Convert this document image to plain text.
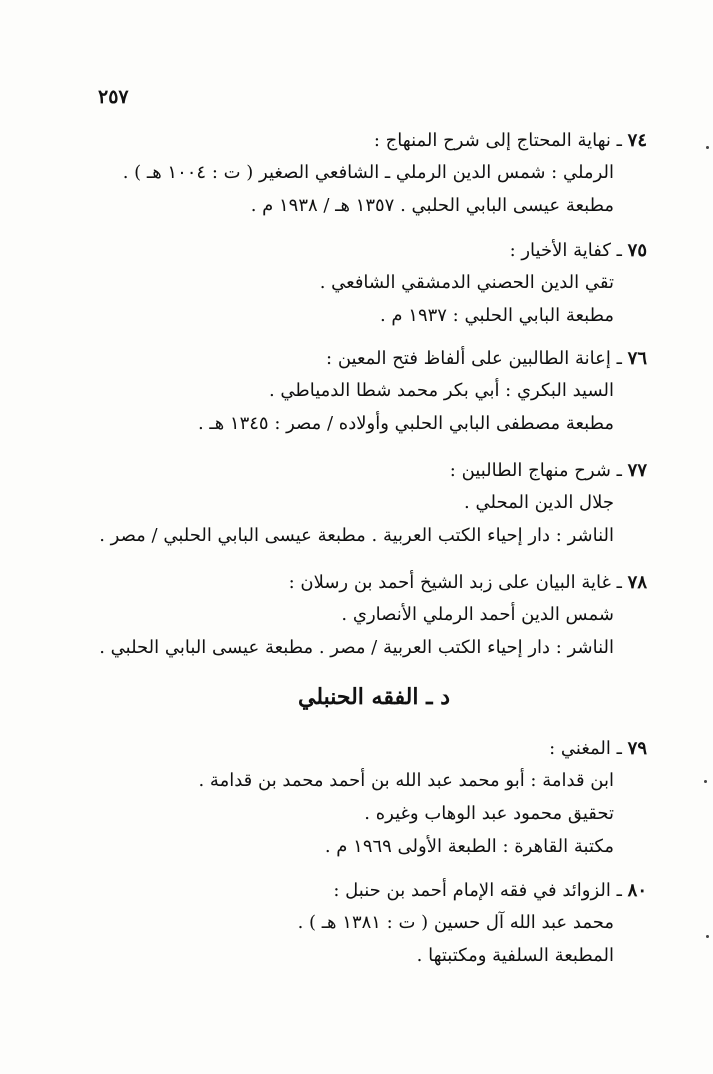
٢٥٧
٧٤ ـ نهاية المحتاج إلى شرح المنهاج :
الرملي : شمس الدين الرملي ـ الشافعي الصغير ( ت : ١٠٠٤ هـ ) .
مطبعة عيسى البابي الحلبي . ١٣٥٧ هـ / ١٩٣٨ م .
٧٥ ـ كفاية الأخيار :
تقي الدين الحصني الدمشقي الشافعي .
مطبعة البابي الحلبي : ١٩٣٧ م .
٧٦ ـ إعانة الطالبين على ألفاظ فتح المعين :
السيد البكري : أبي بكر محمد شطا الدمياطي .
مطبعة مصطفى البابي الحلبي وأولاده / مصر : ١٣٤٥ هـ .
٧٧ ـ شرح منهاج الطالبين :
جلال الدين المحلي .
الناشر : دار إحياء الكتب العربية . مطبعة عيسى البابي الحلبي / مصر .
٧٨ ـ غاية البيان على زبد الشيخ أحمد بن رسلان :
شمس الدين أحمد الرملي الأنصاري .
الناشر : دار إحياء الكتب العربية / مصر . مطبعة عيسى البابي الحلبي .
د ـ الفقه الحنبلي
٧٩ ـ المغني :
ابن قدامة : أبو محمد عبد الله بن أحمد محمد بن قدامة .
تحقيق محمود عبد الوهاب وغيره .
مكتبة القاهرة : الطبعة الأولى ١٩٦٩ م .
٨٠ ـ الزوائد في فقه الإمام أحمد بن حنبل :
محمد عبد الله آل حسين ( ت : ١٣٨١ هـ ) .
المطبعة السلفية ومكتبتها .
